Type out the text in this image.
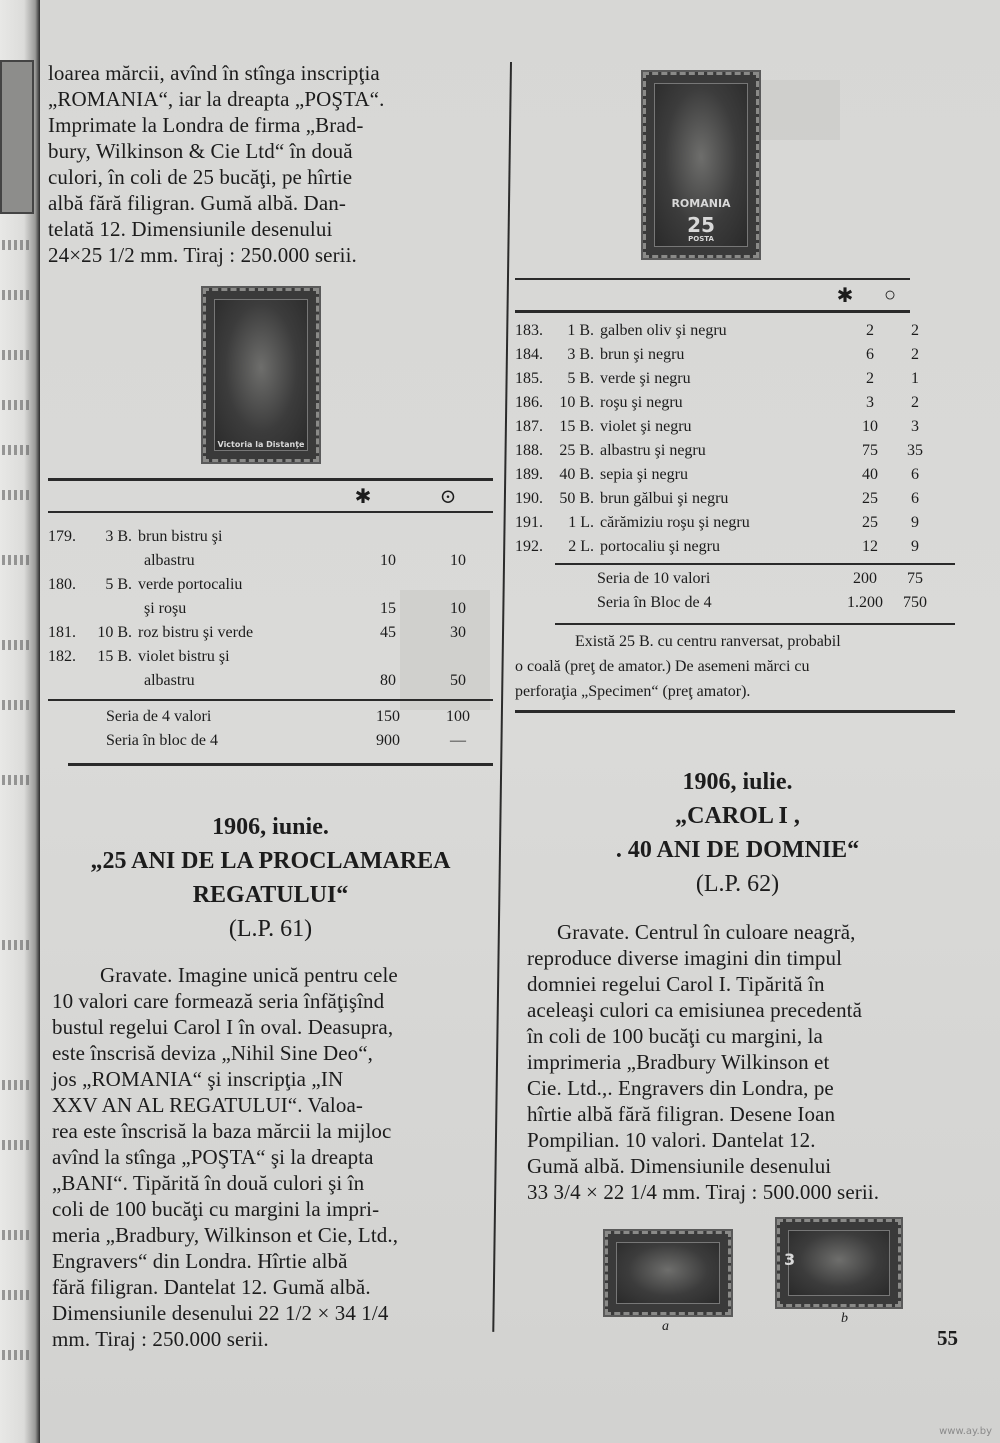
loarea mărcii, avînd în stînga inscripţia

„ROMANIA“, iar la dreapta „POŞTA“.

Imprimate la Londra de firma „Brad-

bury, Wilkinson & Cie Ltd“ în două

culori, în coli de 25 bucăţi, pe hîrtie

albă fără filigran. Gumă albă. Dan-

telată 12. Dimensiunile desenului

24×25 1/2 mm. Tiraj : 250.000 serii.

Victoria la Distanţe
✱	⊙
179.	3 B.	brun bistru şi
albastru	10	10
180.	5 B.	verde portocaliu
şi roşu	15	10
181.	10 B.	roz bistru şi verde	45	30
182.	15 B.	violet bistru şi
albastru	80	50
Seria de 4 valori	150	100
Seria în bloc de 4	900	—

1906, iunie.

„25 ANI DE LA PROCLAMAREA

REGATULUI“

(L.P. 61)

Gravate. Imagine unică pentru cele

10 valori care formează seria înfăţişînd

bustul regelui Carol I în oval. Deasupra,

este înscrisă deviza „Nihil Sine Deo“,

jos „ROMANIA“ şi inscripţia „IN

XXV AN AL REGATULUI“. Valoa-

rea este înscrisă la baza mărcii la mijloc

avînd la stînga „POŞTA“ şi la dreapta

„BANI“. Tipărită în două culori şi în

coli de 100 bucăţi cu margini la impri-

meria „Bradbury, Wilkinson et Cie, Ltd.,

Engravers“ din Londra. Hîrtie albă

fără filigran. Dantelat 12. Gumă albă.

Dimensiunile desenului 22 1/2 × 34 1/4

mm. Tiraj : 250.000 serii.

ROMANIA
25
POSTA
✱	○
183.	1 B.	galben oliv şi negru	2	2
184.	3 B.	brun şi negru	6	2
185.	5 B.	verde şi negru	2	1
186.	10 B.	roşu şi negru	3	2
187.	15 B.	violet şi negru	10	3
188.	25 B.	albastru şi negru	75	35
189.	40 B.	sepia şi negru	40	6
190.	50 B.	brun gălbui şi negru	25	6
191.	1 L.	cărămiziu roşu şi negru	25	9
192.	2 L.	portocaliu şi negru	12	9
Seria de 10 valori	200	75
Seria în Bloc de 4	1.200	750

Există 25 B. cu centru ranversat, probabil

o coală (preţ de amator.) De asemeni mărci cu

perforaţia „Specimen“ (preţ amator).

1906, iulie.

„CAROL I ,

. 40 ANI DE DOMNIE“

(L.P. 62)

Gravate. Centrul în culoare neagră,

reproduce diverse imagini din timpul

domniei regelui Carol I. Tipărită în

aceleaşi culori ca emisiunea precedentă

în coli de 100 bucăţi cu margini, la

imprimeria „Bradbury Wilkinson et

Cie. Ltd.,. Engravers din Londra, pe

hîrtie albă fără filigran. Desene Ioan

Pompilian. 10 valori. Dantelat 12.

Gumă albă. Dimensiunile desenului

33 3/4 × 22 1/4 mm. Tiraj : 500.000 serii.

3
a
b
55
www.ay.by
